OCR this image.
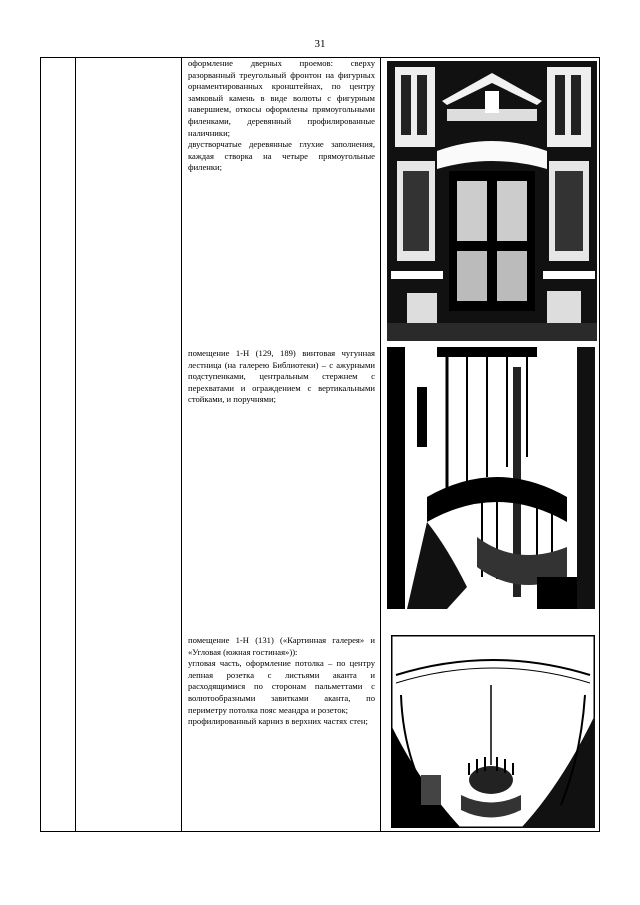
31

оформление дверных проемов: сверху разорванный треугольный фронтон на фигурных орнаментированных кронштейнах, по центру замковый камень в виде волюты с фигурным навершием, откосы оформлены прямоугольными филенками, деревянный профилированные наличники;

двустворчатые деревянные глухие заполнения, каждая створка на четыре прямоугольные филенки;

помещение 1-Н (129, 189) винтовая чугунная лестница (на галерею Библиотеки) – с ажурными подступенками, центральным стержнем с перехватами и ограждением с вертикальными стойками, и поручнями;

помещение 1-Н (131) («Картинная галерея» и «Угловая (южная гостиная»)):

угловая часть, оформление потолка – по центру лепная розетка с листьями аканта и расходящимися по сторонам пальметтами с волютообразными завитками аканта, по периметру потолка пояс меандра и розеток;

профилированный карниз в верхних частях стен;
